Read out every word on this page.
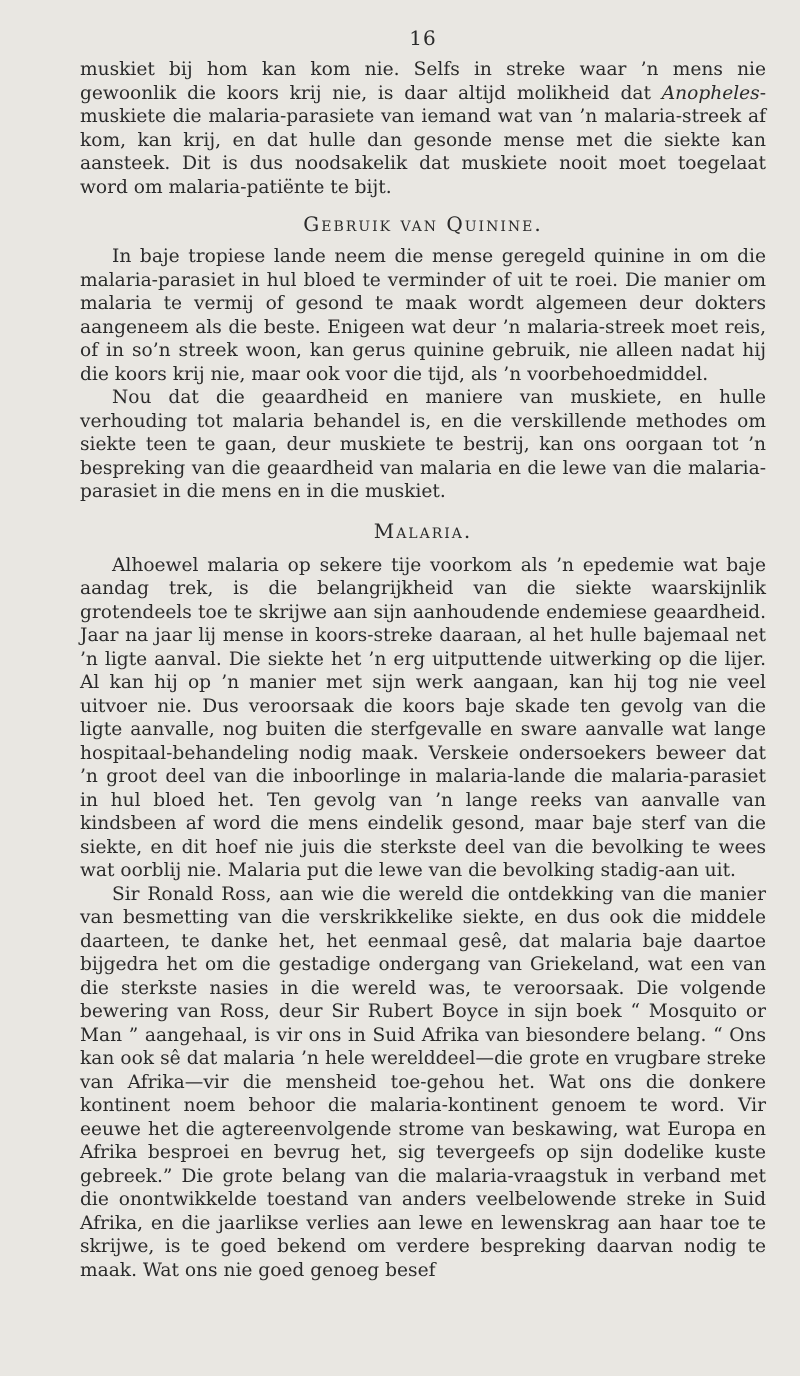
16

muskiet bij hom kan kom nie. Selfs in streke waar ’n mens nie gewoonlik die koors krij nie, is daar altijd molikheid dat Anopheles-muskiete die malaria-parasiete van iemand wat van ’n malaria-streek af kom, kan krij, en dat hulle dan gesonde mense met die siekte kan aansteek. Dit is dus noodsakelik dat muskiete nooit moet toegelaat word om malaria-patiënte te bijt.

Gebruik van Quinine.

In baje tropiese lande neem die mense geregeld quinine in om die malaria-parasiet in hul bloed te verminder of uit te roei. Die manier om malaria te vermij of gesond te maak wordt algemeen deur dokters aangeneem als die beste. Enigeen wat deur ’n malaria-streek moet reis, of in so’n streek woon, kan gerus quinine gebruik, nie alleen nadat hij die koors krij nie, maar ook voor die tijd, als ’n voorbehoedmiddel.

Nou dat die geaardheid en maniere van muskiete, en hulle verhouding tot malaria behandel is, en die verskillende methodes om siekte teen te gaan, deur muskiete te bestrij, kan ons oorgaan tot ’n bespreking van die geaardheid van malaria en die lewe van die malaria-parasiet in die mens en in die muskiet.

Malaria.

Alhoewel malaria op sekere tije voorkom als ’n epedemie wat baje aandag trek, is die belangrijkheid van die siekte waarskijnlik grotendeels toe te skrijwe aan sijn aanhoudende endemiese geaardheid. Jaar na jaar lij mense in koors-streke daaraan, al het hulle bajemaal net ’n ligte aanval. Die siekte het ’n erg uitputtende uitwerking op die lijer. Al kan hij op ’n manier met sijn werk aangaan, kan hij tog nie veel uitvoer nie. Dus veroorsaak die koors baje skade ten gevolg van die ligte aanvalle, nog buiten die sterfgevalle en sware aanvalle wat lange hospitaal-behandeling nodig maak. Verskeie ondersoekers beweer dat ’n groot deel van die inboorlinge in malaria-lande die malaria-parasiet in hul bloed het. Ten gevolg van ’n lange reeks van aanvalle van kindsbeen af word die mens eindelik gesond, maar baje sterf van die siekte, en dit hoef nie juis die sterkste deel van die bevolking te wees wat oorblij nie. Malaria put die lewe van die bevolking stadig-aan uit.

Sir Ronald Ross, aan wie die wereld die ontdekking van die manier van besmetting van die verskrikkelike siekte, en dus ook die middele daarteen, te danke het, het eenmaal gesê, dat malaria baje daartoe bijgedra het om die gestadige ondergang van Griekeland, wat een van die sterkste nasies in die wereld was, te veroorsaak. Die volgende bewering van Ross, deur Sir Rubert Boyce in sijn boek “ Mosquito or Man ” aangehaal, is vir ons in Suid Afrika van biesondere belang. “ Ons kan ook sê dat malaria ’n hele werelddeel—die grote en vrugbare streke van Afrika—vir die mensheid toe-gehou het. Wat ons die donkere kontinent noem behoor die malaria-kontinent genoem te word. Vir eeuwe het die agtereenvolgende strome van beskawing, wat Europa en Afrika besproei en bevrug het, sig tevergeefs op sijn dodelike kuste gebreek.” Die grote belang van die malaria-vraagstuk in verband met die onontwikkelde toestand van anders veelbelowende streke in Suid Afrika, en die jaarlikse verlies aan lewe en lewenskrag aan haar toe te skrijwe, is te goed bekend om verdere bespreking daarvan nodig te maak. Wat ons nie goed genoeg besef
